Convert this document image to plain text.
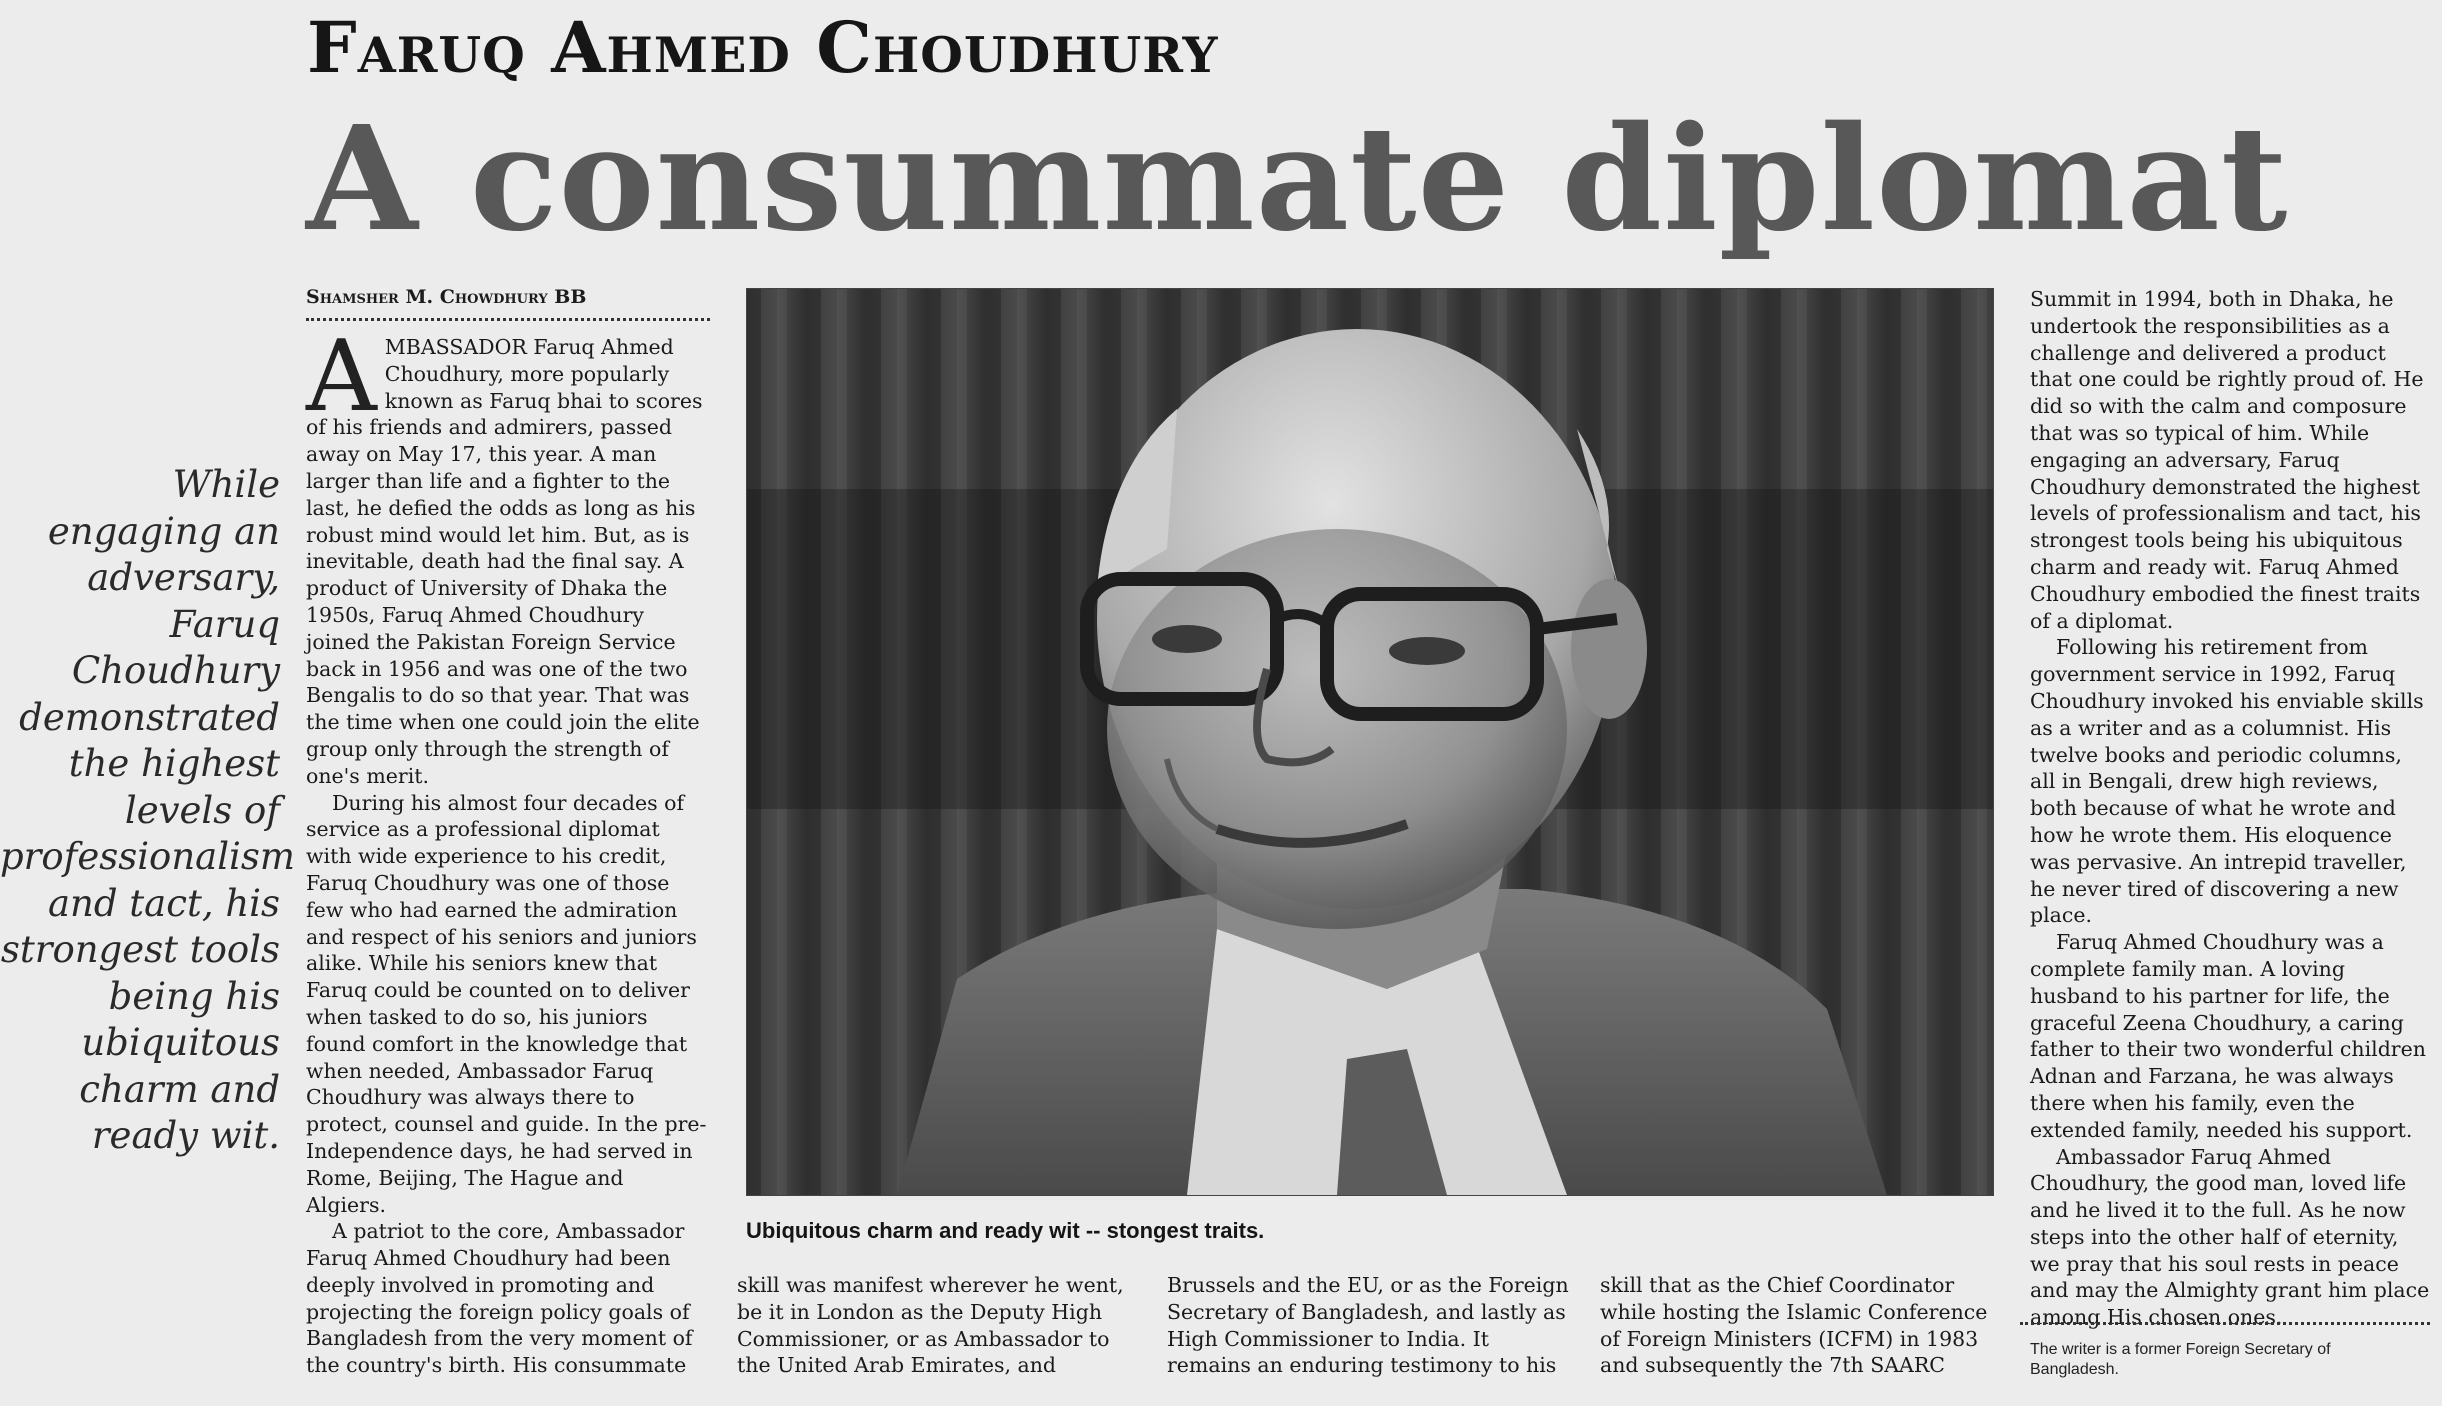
Faruq Ahmed Choudhury
A consummate diplomat
Shamsher M. Chowdhury BB
While engaging an adversary, Faruq Choudhury demonstrated the highest levels of professionalism and tact, his strongest tools being his ubiquitous charm and ready wit.

AMBASSADOR Faruq Ahmed Choudhury, more popularly known as Faruq bhai to scores of his friends and admirers, passed away on May 17, this year. A man larger than life and a fighter to the last, he defied the odds as long as his robust mind would let him. But, as is inevitable, death had the final say. A product of University of Dhaka the 1950s, Faruq Ahmed Choudhury joined the Pakistan Foreign Service back in 1956 and was one of the two Bengalis to do so that year. That was the time when one could join the elite group only through the strength of one's merit.

During his almost four decades of service as a professional diplomat with wide experience to his credit, Faruq Choudhury was one of those few who had earned the admiration and respect of his seniors and juniors alike. While his seniors knew that Faruq could be counted on to deliver when tasked to do so, his juniors found comfort in the knowledge that when needed, Ambassador Faruq Choudhury was always there to protect, counsel and guide. In the pre-Independence days, he had served in Rome, Beijing, The Hague and Algiers.

A patriot to the core, Ambassador Faruq Ahmed Choudhury had been deeply involved in promoting and projecting the foreign policy goals of Bangladesh from the very moment of the country's birth. His consummate

Ubiquitous charm and ready wit -- stongest traits.

skill was manifest wherever he went, be it in London as the Deputy High Commissioner, or as Ambassador to the United Arab Emirates, and

Brussels and the EU, or as the Foreign Secretary of Bangladesh, and lastly as High Commissioner to India. It remains an enduring testimony to his

skill that as the Chief Coordinator while hosting the Islamic Conference of Foreign Ministers (ICFM) in 1983 and subsequently the 7th SAARC

Summit in 1994, both in Dhaka, he undertook the responsibilities as a challenge and delivered a product that one could be rightly proud of. He did so with the calm and composure that was so typical of him. While engaging an adversary, Faruq Choudhury demonstrated the highest levels of professionalism and tact, his strongest tools being his ubiquitous charm and ready wit. Faruq Ahmed Choudhury embodied the finest traits of a diplomat.

Following his retirement from government service in 1992, Faruq Choudhury invoked his enviable skills as a writer and as a columnist. His twelve books and periodic columns, all in Bengali, drew high reviews, both because of what he wrote and how he wrote them. His eloquence was pervasive. An intrepid traveller, he never tired of discovering a new place.

Faruq Ahmed Choudhury was a complete family man. A loving husband to his partner for life, the graceful Zeena Choudhury, a caring father to their two wonderful children Adnan and Farzana, he was always there when his family, even the extended family, needed his support.

Ambassador Faruq Ahmed Choudhury, the good man, loved life and he lived it to the full. As he now steps into the other half of eternity, we pray that his soul rests in peace and may the Almighty grant him place among His chosen ones.

The writer is a former Foreign Secretary of Bangladesh.
